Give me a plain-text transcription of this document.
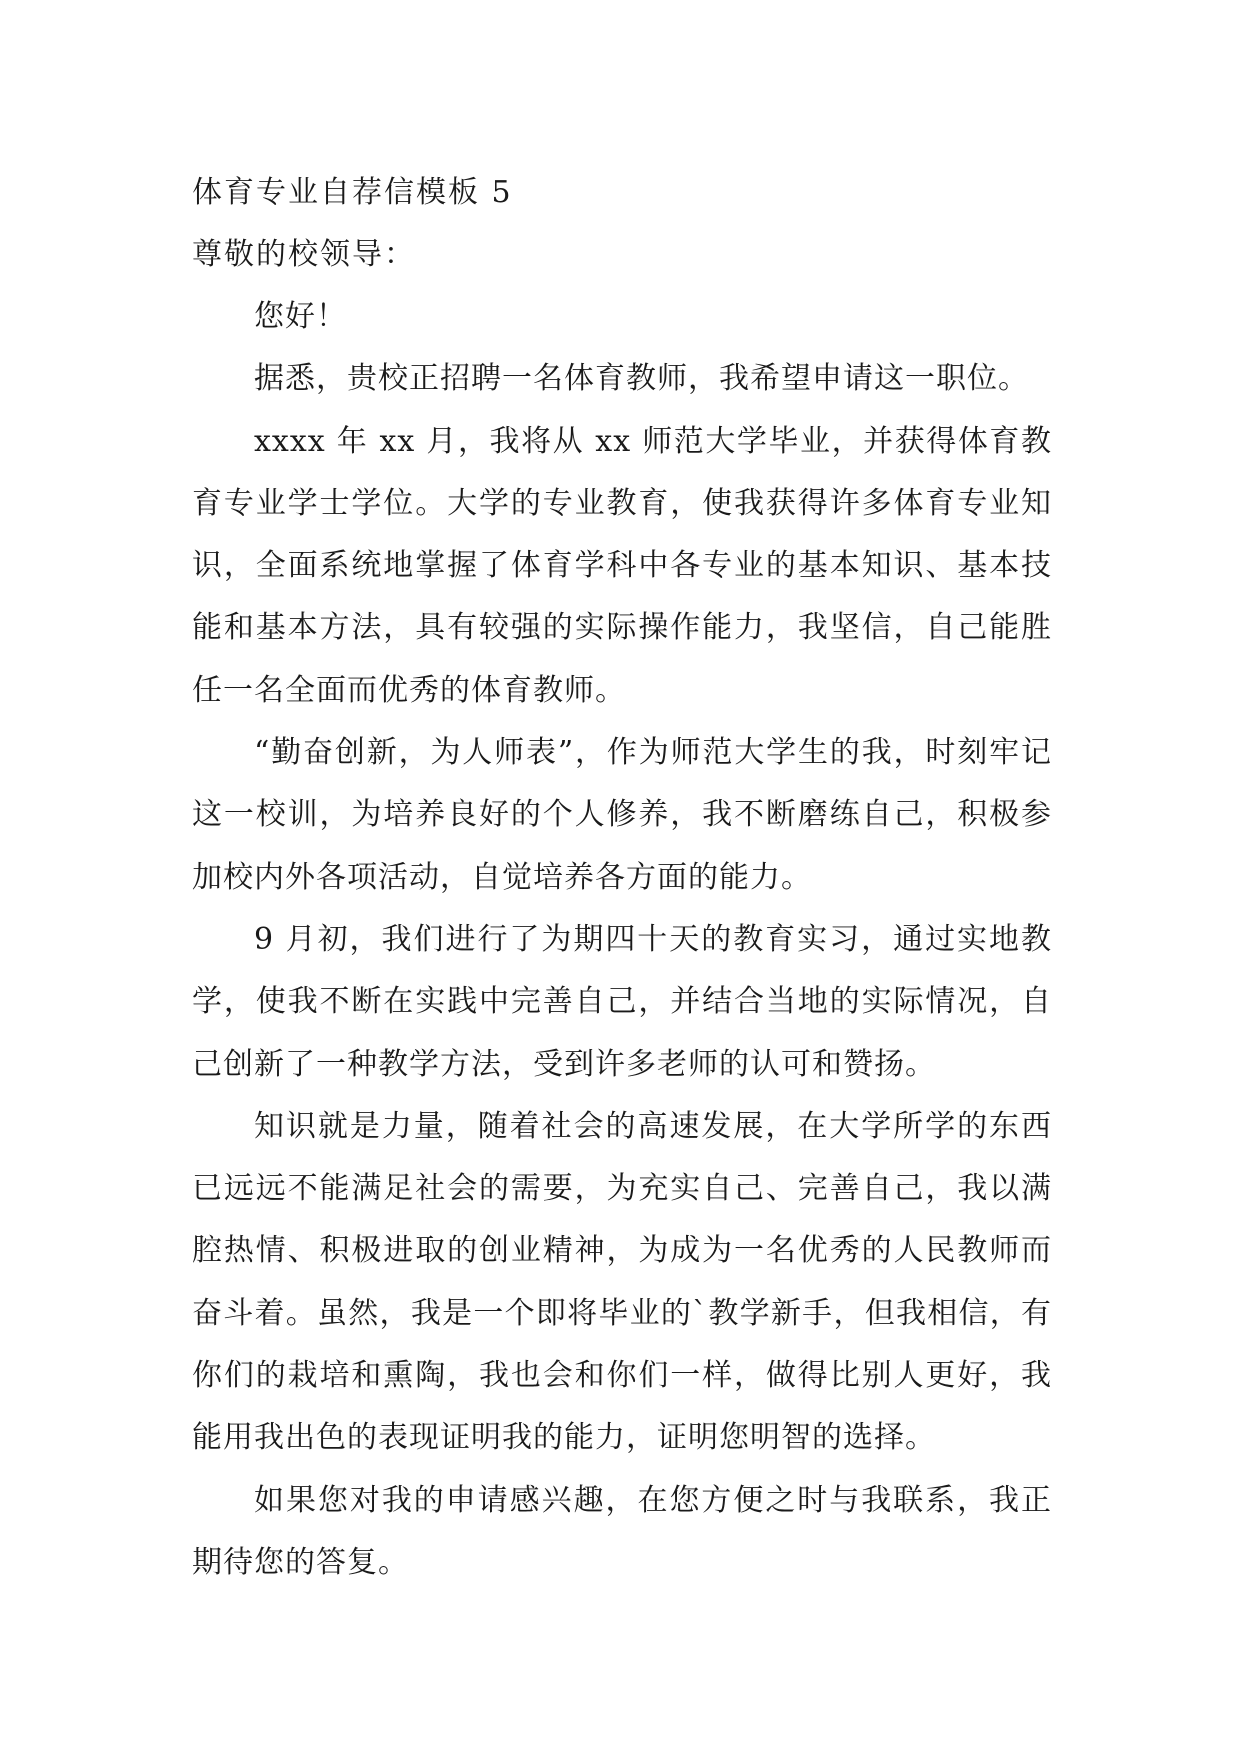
体育专业自荐信模板 5
尊敬的校领导：

您好！

据悉，贵校正招聘一名体育教师，我希望申请这一职位。

xxxx 年 xx 月，我将从 xx 师范大学毕业，并获得体育教育专业学士学位。大学的专业教育，使我获得许多体育专业知识，全面系统地掌握了体育学科中各专业的基本知识、基本技能和基本方法，具有较强的实际操作能力，我坚信，自己能胜任一名全面而优秀的体育教师。

“勤奋创新，为人师表”，作为师范大学生的我，时刻牢记这一校训，为培养良好的个人修养，我不断磨练自己，积极参加校内外各项活动，自觉培养各方面的能力。

9 月初，我们进行了为期四十天的教育实习，通过实地教学，使我不断在实践中完善自己，并结合当地的实际情况，自己创新了一种教学方法，受到许多老师的认可和赞扬。

知识就是力量，随着社会的高速发展，在大学所学的东西已远远不能满足社会的需要，为充实自己、完善自己，我以满腔热情、积极进取的创业精神，为成为一名优秀的人民教师而奋斗着。虽然，我是一个即将毕业的`教学新手，但我相信，有你们的栽培和熏陶，我也会和你们一样，做得比别人更好，我能用我出色的表现证明我的能力，证明您明智的选择。

如果您对我的申请感兴趣，在您方便之时与我联系，我正期待您的答复。
